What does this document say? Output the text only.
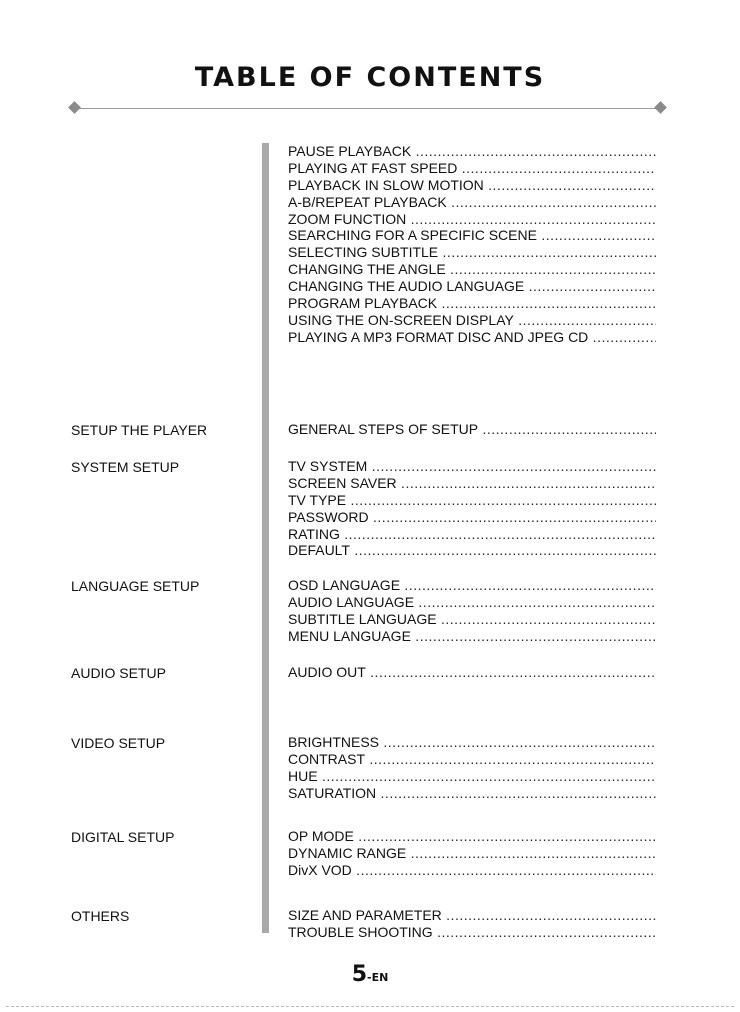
TABLE OF CONTENTS
PAUSE PLAYBACK .....
PLAYING AT FAST SPEED .....
PLAYBACK IN SLOW MOTION .....
A-B/REPEAT PLAYBACK .....
ZOOM FUNCTION .....
SEARCHING FOR A SPECIFIC SCENE .....
SELECTING SUBTITLE .....
CHANGING THE ANGLE .....
CHANGING THE AUDIO LANGUAGE .....
PROGRAM PLAYBACK .....
USING THE ON-SCREEN DISPLAY .....
PLAYING A MP3 FORMAT DISC AND JPEG CD .....

SETUP THE PLAYER	GENERAL STEPS OF SETUP .....

SYSTEM SETUP	TV SYSTEM .....
SCREEN SAVER .....
TV TYPE .....
PASSWORD .....
RATING .....
DEFAULT .....

LANGUAGE SETUP	OSD LANGUAGE .....
AUDIO LANGUAGE .....
SUBTITLE LANGUAGE .....
MENU LANGUAGE .....

AUDIO SETUP	AUDIO OUT .....

VIDEO SETUP	BRIGHTNESS .....
CONTRAST .....
HUE .....
SATURATION .....

DIGITAL SETUP	OP MODE .....
DYNAMIC RANGE .....
DivX VOD .....

OTHERS	SIZE AND PARAMETER .....
TROUBLE SHOOTING .....

5-EN
